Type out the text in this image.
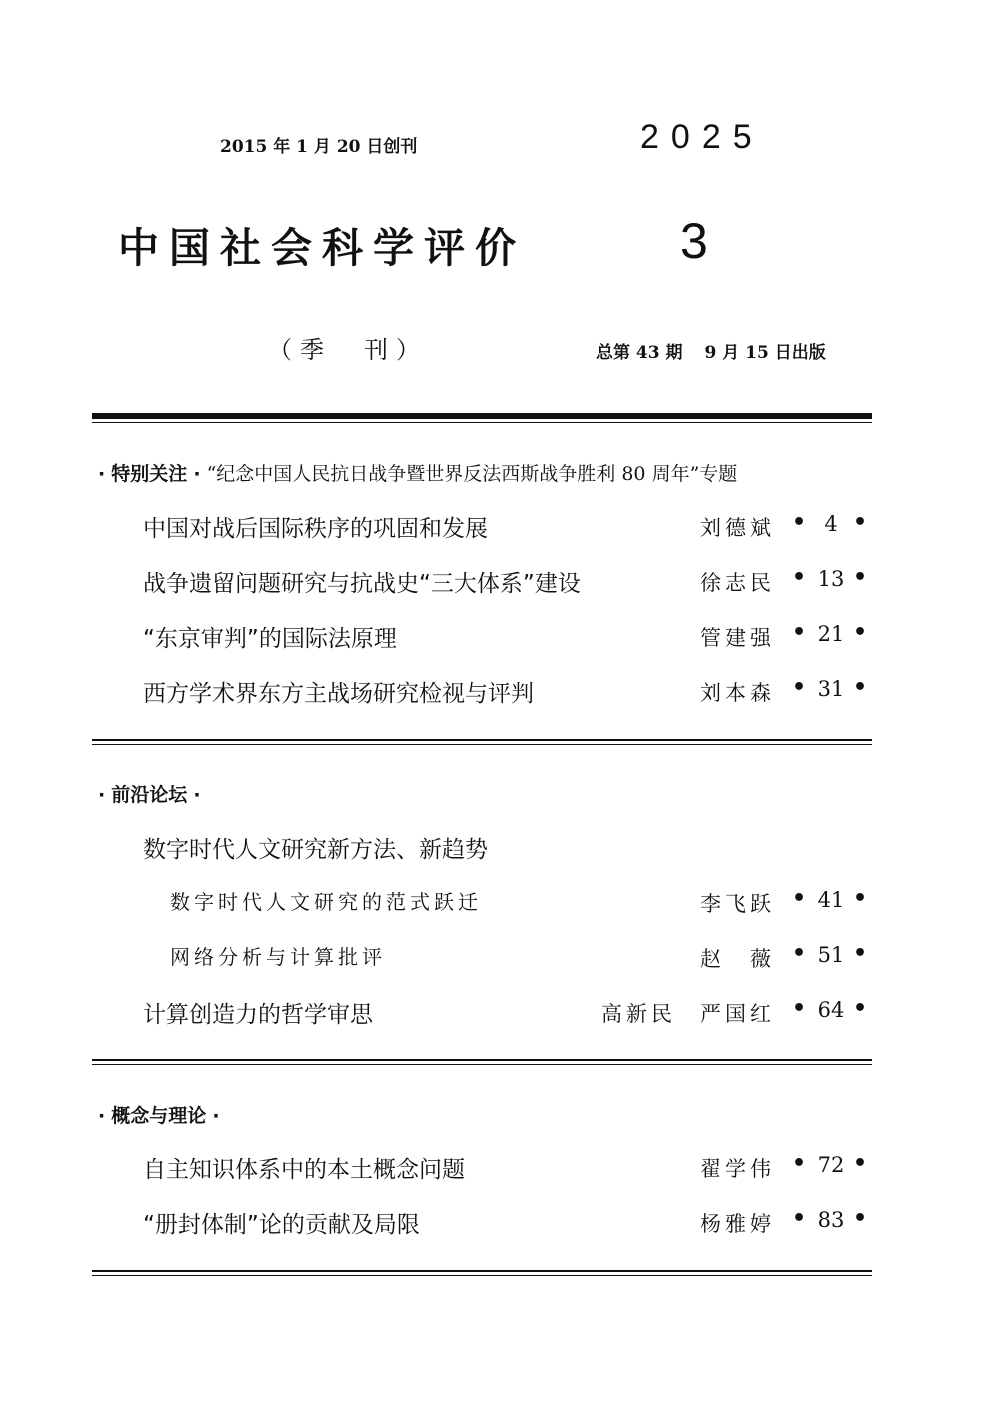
2015 年 1 月 20 日创刊	2025
中国社会科学评价	3
（季　刊）	总第 43 期 9 月 15 日出版
· 特别关注 · “纪念中国人民抗日战争暨世界反法西斯战争胜利 80 周年”专题
中国对战后国际秩序的巩固和发展	刘德斌 • 4 •
战争遗留问题研究与抗战史“三大体系”建设	徐志民 • 13 •
“东京审判”的国际法原理	管建强 • 21 •
西方学术界东方主战场研究检视与评判	刘本森 • 31 •
· 前沿论坛 ·
数字时代人文研究新方法、新趋势
数字时代人文研究的范式跃迁	李飞跃 • 41 •
网络分析与计算批评	赵　薇 • 51 •
计算创造力的哲学审思	高新民 严国红 • 64 •
· 概念与理论 ·
自主知识体系中的本土概念问题	翟学伟 • 72 •
“册封体制”论的贡献及局限	杨雅婷 • 83 •
